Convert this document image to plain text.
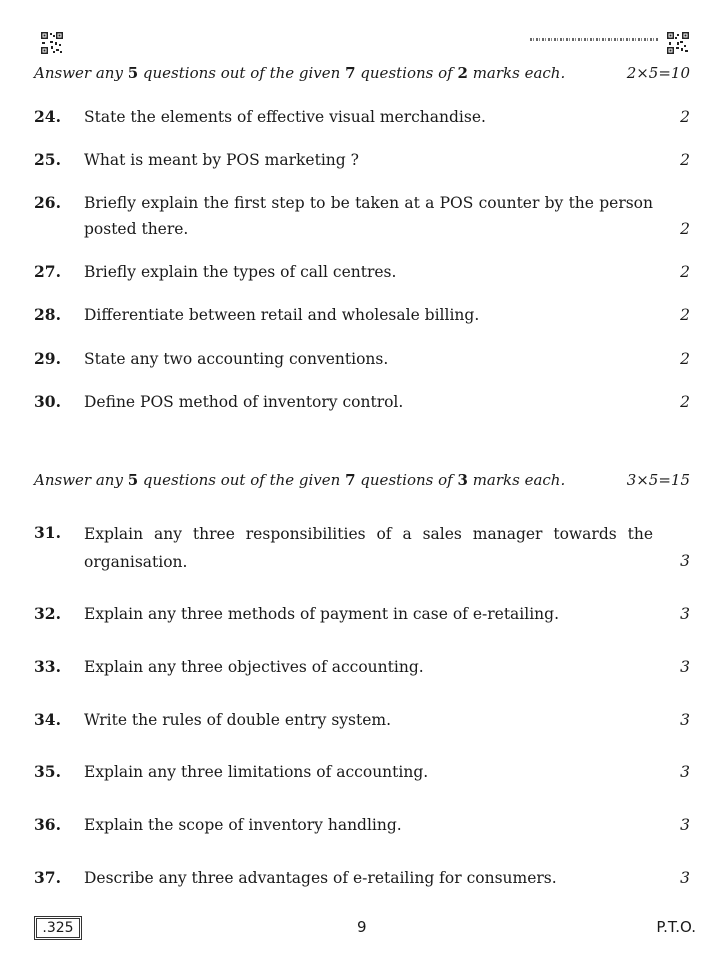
Answer any 5 questions out of the given 7 questions of 2 marks each.	2×5=10
24. State the elements of effective visual merchandise.	2
25. What is meant by POS marketing ?	2
26. Briefly explain the first step to be taken at a POS counter by the person posted there.	2
27. Briefly explain the types of call centres.	2
28. Differentiate between retail and wholesale billing.	2
29. State any two accounting conventions.	2
30. Define POS method of inventory control.	2
Answer any 5 questions out of the given 7 questions of 3 marks each.	3×5=15
31. Explain any three responsibilities of a sales manager towards the organisation.	3
32. Explain any three methods of payment in case of e-retailing.	3
33. Explain any three objectives of accounting.	3
34. Write the rules of double entry system.	3
35. Explain any three limitations of accounting.	3
36. Explain the scope of inventory handling.	3
37. Describe any three advantages of e-retailing for consumers.	3
.325	9	P.T.O.
